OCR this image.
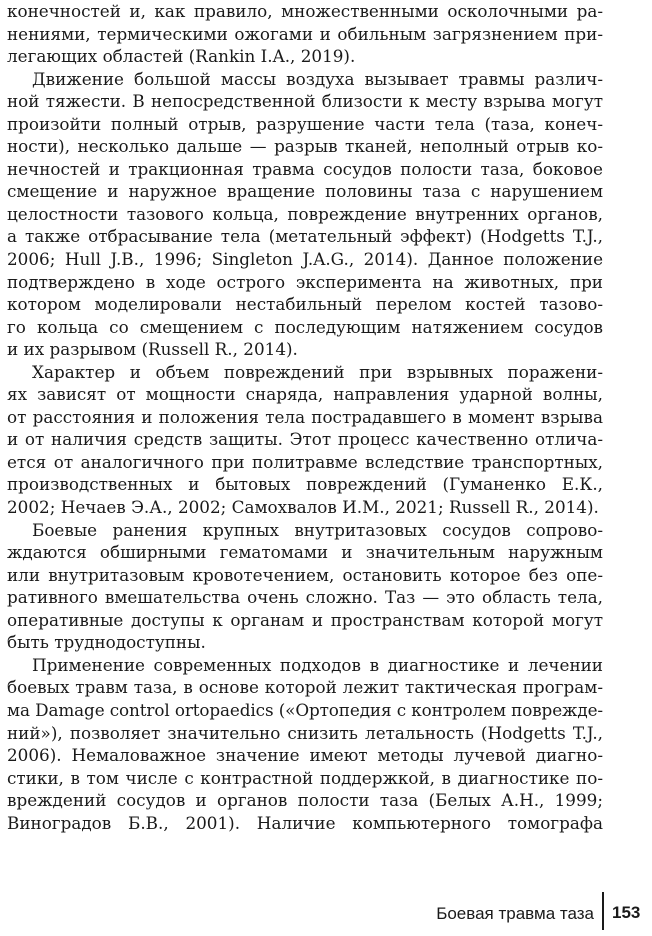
конечностей и, как правило, множественными осколочными ра-
нениями, термическими ожогами и обильным загрязнением при-
легающих областей (Rankin I.A., 2019).

Движение большой массы воздуха вызывает травмы различ-
ной тяжести. В непосредственной близости к месту взрыва могут
произойти полный отрыв, разрушение части тела (таза, конеч-
ности), несколько дальше — разрыв тканей, неполный отрыв ко-
нечностей и тракционная травма сосудов полости таза, боковое
смещение и наружное вращение половины таза с нарушением
целостности тазового кольца, повреждение внутренних органов,
а также отбрасывание тела (метательный эффект) (Hodgetts T.J.,
2006; Hull J.B., 1996; Singleton J.A.G., 2014). Данное положение
подтверждено в ходе острого эксперимента на животных, при
котором моделировали нестабильный перелом костей тазово-
го кольца со смещением с последующим натяжением сосудов
и их разрывом (Russell R., 2014).

Характер и объем повреждений при взрывных поражени-
ях зависят от мощности снаряда, направления ударной волны,
от расстояния и положения тела пострадавшего в момент взрыва
и от наличия средств защиты. Этот процесс качественно отлича-
ется от аналогичного при политравме вследствие транспортных,
производственных и бытовых повреждений (Гуманенко Е.К.,
2002; Нечаев Э.А., 2002; Самохвалов И.М., 2021; Russell R., 2014).

Боевые ранения крупных внутритазовых сосудов сопрово-
ждаются обширными гематомами и значительным наружным
или внутритазовым кровотечением, остановить которое без опе-
ративного вмешательства очень сложно. Таз — это область тела,
оперативные доступы к органам и пространствам которой могут
быть труднодоступны.

Применение современных подходов в диагностике и лечении
боевых травм таза, в основе которой лежит тактическая програм-
ма Damage control ortopaedics («Ортопедия с контролем поврежде-
ний»), позволяет значительно снизить летальность (Hodgetts T.J.,
2006). Немаловажное значение имеют методы лучевой диагно-
стики, в том числе с контрастной поддержкой, в диагностике по-
вреждений сосудов и органов полости таза (Белых А.Н., 1999;
Виноградов Б.В., 2001). Наличие компьютерного томографа

Боевая травма таза 153
